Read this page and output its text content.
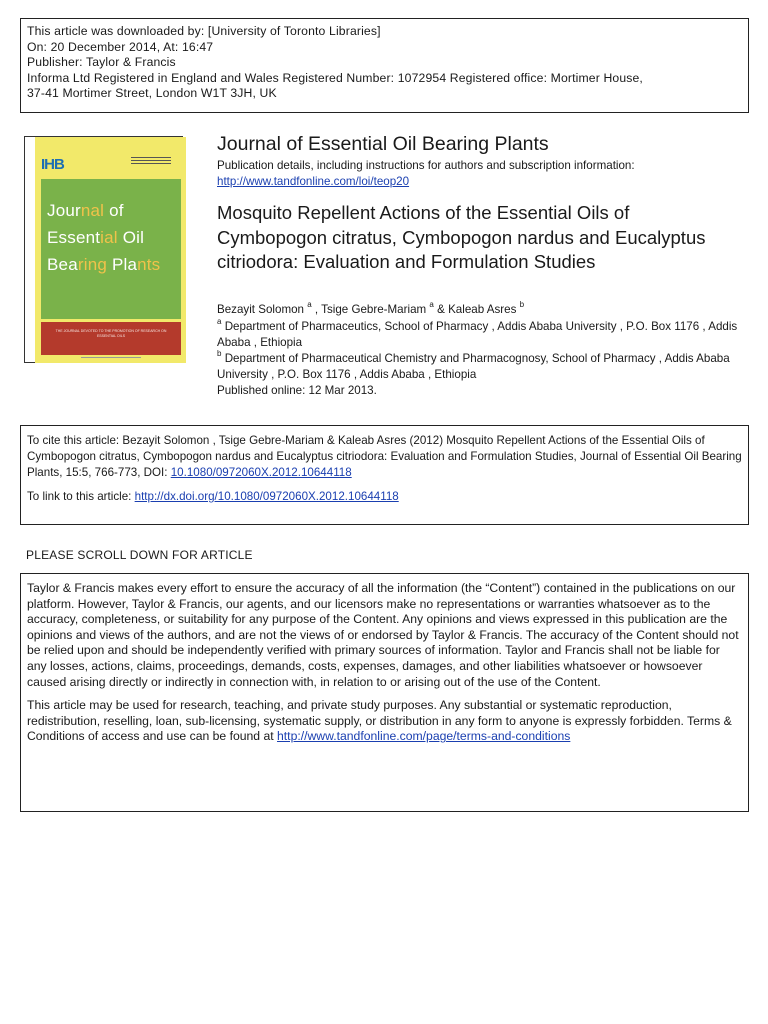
This article was downloaded by: [University of Toronto Libraries]
On: 20 December 2014, At: 16:47
Publisher: Taylor & Francis
Informa Ltd Registered in England and Wales Registered Number: 1072954 Registered office: Mortimer House,
37-41 Mortimer Street, London W1T 3JH, UK
IHB
Journal of
Essential Oil
Bearing Plants
THE JOURNAL DEVOTED TO THE PROMOTION OF RESEARCH ON ESSENTIAL OILS
Journal of Essential Oil Bearing Plants
Publication details, including instructions for authors and subscription information:
http://www.tandfonline.com/loi/teop20
Mosquito Repellent Actions of the Essential Oils of Cymbopogon citratus, Cymbopogon nardus and Eucalyptus citriodora: Evaluation and Formulation Studies
Bezayit Solomon $^a$ , Tsige Gebre-Mariam $^a$ & Kaleab Asres $^b$
$^a$ Department of Pharmaceutics, School of Pharmacy , Addis Ababa University , P.O. Box 1176 , Addis Ababa , Ethiopia
$^b$ Department of Pharmaceutical Chemistry and Pharmacognosy, School of Pharmacy , Addis Ababa University , P.O. Box 1176 , Addis Ababa , Ethiopia
Published online: 12 Mar 2013.

To cite this article: Bezayit Solomon , Tsige Gebre-Mariam & Kaleab Asres (2012) Mosquito Repellent Actions of the Essential Oils of Cymbopogon citratus, Cymbopogon nardus and Eucalyptus citriodora: Evaluation and Formulation Studies, Journal of Essential Oil Bearing Plants, 15:5, 766-773, DOI: 10.1080/0972060X.2012.10644118

To link to this article: http://dx.doi.org/10.1080/0972060X.2012.10644118

PLEASE SCROLL DOWN FOR ARTICLE

Taylor & Francis makes every effort to ensure the accuracy of all the information (the “Content”) contained in the publications on our platform. However, Taylor & Francis, our agents, and our licensors make no representations or warranties whatsoever as to the accuracy, completeness, or suitability for any purpose of the Content. Any opinions and views expressed in this publication are the opinions and views of the authors, and are not the views of or endorsed by Taylor & Francis. The accuracy of the Content should not be relied upon and should be independently verified with primary sources of information. Taylor and Francis shall not be liable for any losses, actions, claims, proceedings, demands, costs, expenses, damages, and other liabilities whatsoever or howsoever caused arising directly or indirectly in connection with, in relation to or arising out of the use of the Content.

This article may be used for research, teaching, and private study purposes. Any substantial or systematic reproduction, redistribution, reselling, loan, sub-licensing, systematic supply, or distribution in any form to anyone is expressly forbidden. Terms & Conditions of access and use can be found at http://www.tandfonline.com/page/terms-and-conditions
